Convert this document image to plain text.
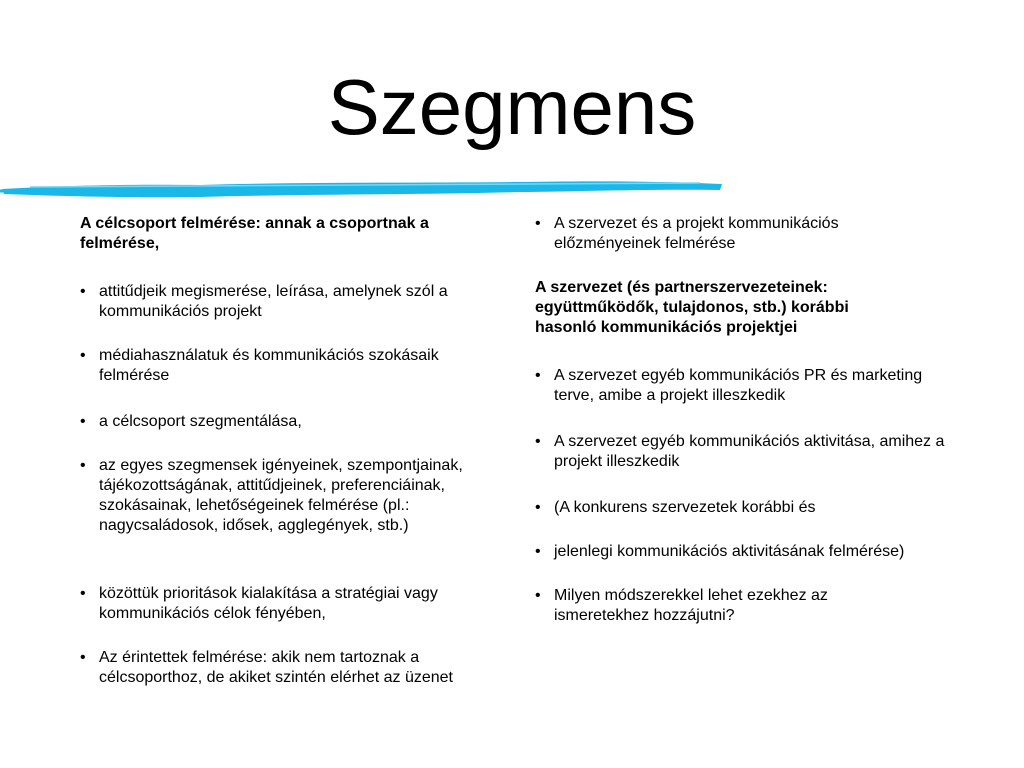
Szegmens

A célcsoport felmérése: annak a csoportnak a felmérése,

• attitűdjeik megismerése, leírása, amelynek szól a kommunikációs projekt
• médiahasználatuk és kommunikációs szokásaik felmérése
• a célcsoport szegmentálása,
• az egyes szegmensek igényeinek, szempontjainak, tájékozottságának, attitűdjeinek, preferenciáinak, szokásainak, lehetőségeinek felmérése (pl.: nagycsaládosok, idősek, agglegények, stb.)
• közöttük prioritások kialakítása a stratégiai vagy kommunikációs célok fényében,
• Az érintettek felmérése: akik nem tartoznak a célcsoporthoz, de akiket szintén elérhet az üzenet
• A szervezet és a projekt kommunikációs előzményeinek felmérése

A szervezet (és partnerszervezeteinek: együttműködők, tulajdonos, stb.) korábbi hasonló kommunikációs projektjei

• A szervezet egyéb kommunikációs PR és marketing terve, amibe a projekt illeszkedik
• A szervezet egyéb kommunikációs aktivitása, amihez a projekt illeszkedik
• (A konkurens szervezetek korábbi és
• jelenlegi kommunikációs aktivitásának felmérése)
• Milyen módszerekkel lehet ezekhez az ismeretekhez hozzájutni?
